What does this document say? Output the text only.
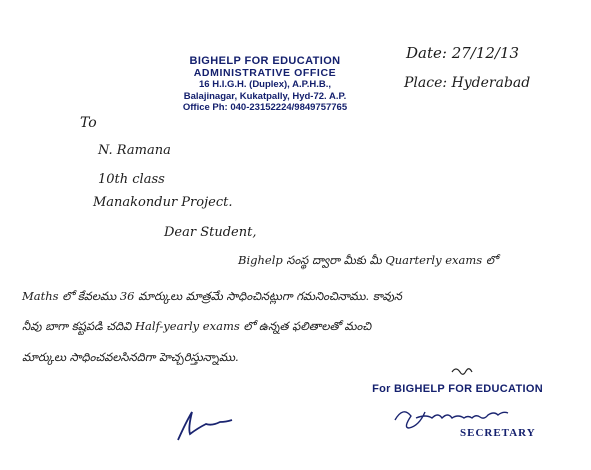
BIGHELP FOR EDUCATION
ADMINISTRATIVE OFFICE
16 H.I.G.H. (Duplex), A.P.H.B.,
Balajinagar, Kukatpally, Hyd-72. A.P.
Office Ph: 040-23152224/9849757765
Date: 27/12/13
Place: Hyderabad
To
N. Ramana
10th class
Manakondur Project.
Dear Student,
Bighelp సంస్థ ద్వారా మీకు మీ Quarterly exams లో
Maths లో కేవలము 36 మార్కులు మాత్రమే సాధించినట్లుగా గమనించినాము. కావున
నీవు బాగా కష్టపడి చదివి Half-yearly exams లో ఉన్నత ఫలితాలతో మంచి
మార్కులు సాధించవలసినదిగా హెచ్చరిస్తున్నాము.
For BIGHELP FOR EDUCATION
SECRETARY
